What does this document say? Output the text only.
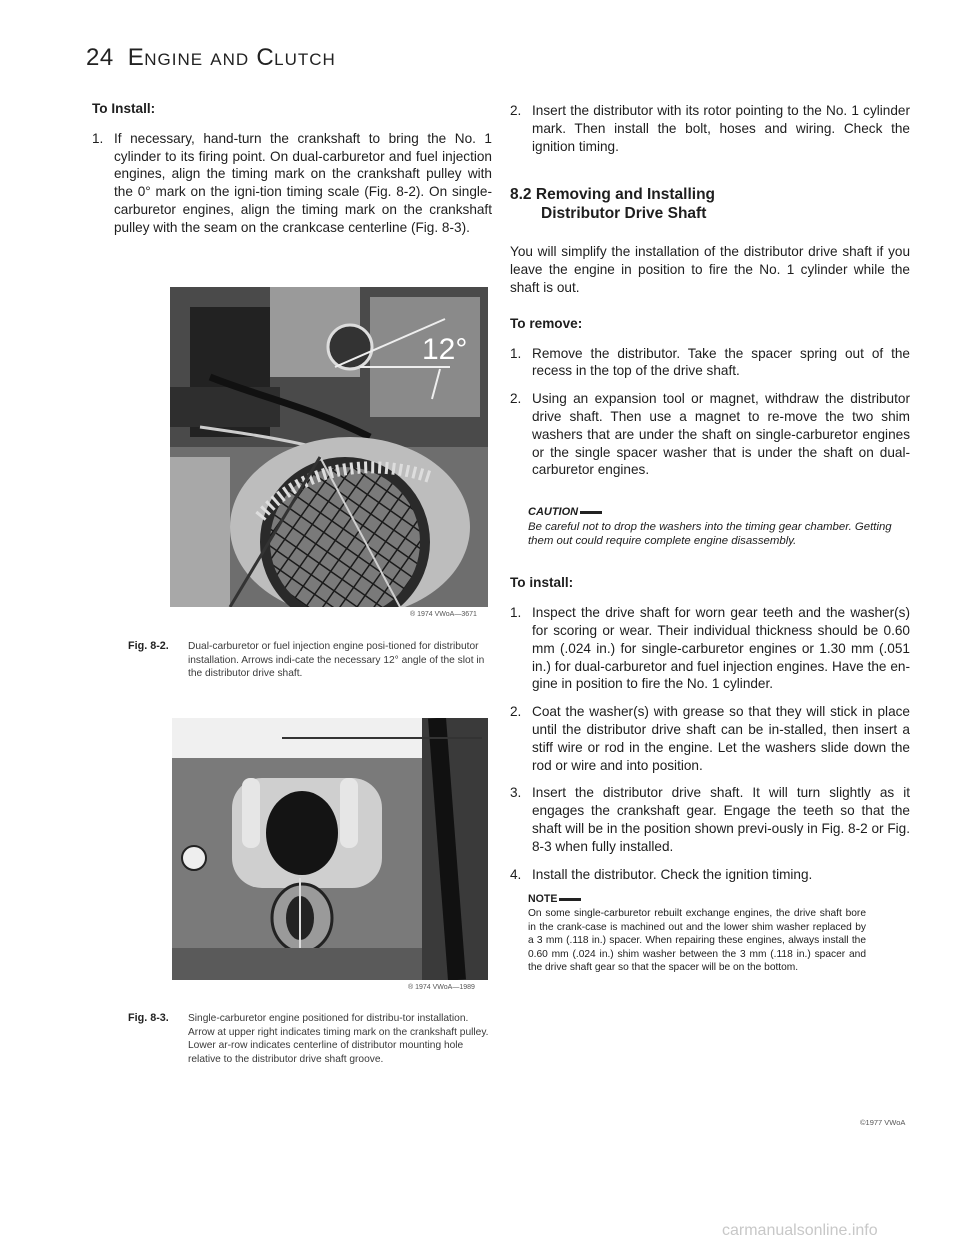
24 ENGINE AND CLUTCH
To Install:
1. If necessary, hand-turn the crankshaft to bring the No. 1 cylinder to its firing point. On dual-carburetor and fuel injection engines, align the timing mark on the crankshaft pulley with the 0° mark on the igni-tion timing scale (Fig. 8-2). On single-carburetor engines, align the timing mark on the crankshaft pulley with the seam on the crankcase centerline (Fig. 8-3).
12°
® 1974 VWoA—3671
Fig. 8-2. Dual-carburetor or fuel injection engine posi-tioned for distributor installation. Arrows indi-cate the necessary 12° angle of the slot in the distributor drive shaft.
® 1974 VWoA—1989
Fig. 8-3. Single-carburetor engine positioned for distribu-tor installation. Arrow at upper right indicates timing mark on the crankshaft pulley. Lower ar-row indicates centerline of distributor mounting hole relative to the distributor drive shaft groove.
2. Insert the distributor with its rotor pointing to the No. 1 cylinder mark. Then install the bolt, hoses and wiring. Check the ignition timing.
8.2 Removing and Installing
Distributor Drive Shaft

You will simplify the installation of the distributor drive shaft if you leave the engine in position to fire the No. 1 cylinder while the shaft is out.

To remove:
1. Remove the distributor. Take the spacer spring out of the recess in the top of the drive shaft.
2. Using an expansion tool or magnet, withdraw the distributor drive shaft. Then use a magnet to re-move the two shim washers that are under the shaft on single-carburetor engines or the single spacer washer that is under the shaft on dual-carburetor engines.
CAUTION
Be careful not to drop the washers into the timing gear chamber. Getting them out could require complete engine disassembly.
To install:
1. Inspect the drive shaft for worn gear teeth and the washer(s) for scoring or wear. Their individual thickness should be 0.60 mm (.024 in.) for single-carburetor engines or 1.30 mm (.051 in.) for dual-carburetor and fuel injection engines. Have the en-gine in position to fire the No. 1 cylinder.
2. Coat the washer(s) with grease so that they will stick in place until the distributor drive shaft can be in-stalled, then insert a stiff wire or rod in the engine. Let the washers slide down the rod or wire and into position.
3. Insert the distributor drive shaft. It will turn slightly as it engages the crankshaft gear. Engage the teeth so that the shaft will be in the position shown previ-ously in Fig. 8-2 or Fig. 8-3 when fully installed.
4. Install the distributor. Check the ignition timing.
NOTE
On some single-carburetor rebuilt exchange engines, the drive shaft bore in the crank-case is machined out and the lower shim washer replaced by a 3 mm (.118 in.) spacer. When repairing these engines, always install the 0.60 mm (.024 in.) shim washer between the 3 mm (.118 in.) spacer and the drive shaft gear so that the spacer will be on the bottom.
©1977 VWoA
carmanualsonline.info
